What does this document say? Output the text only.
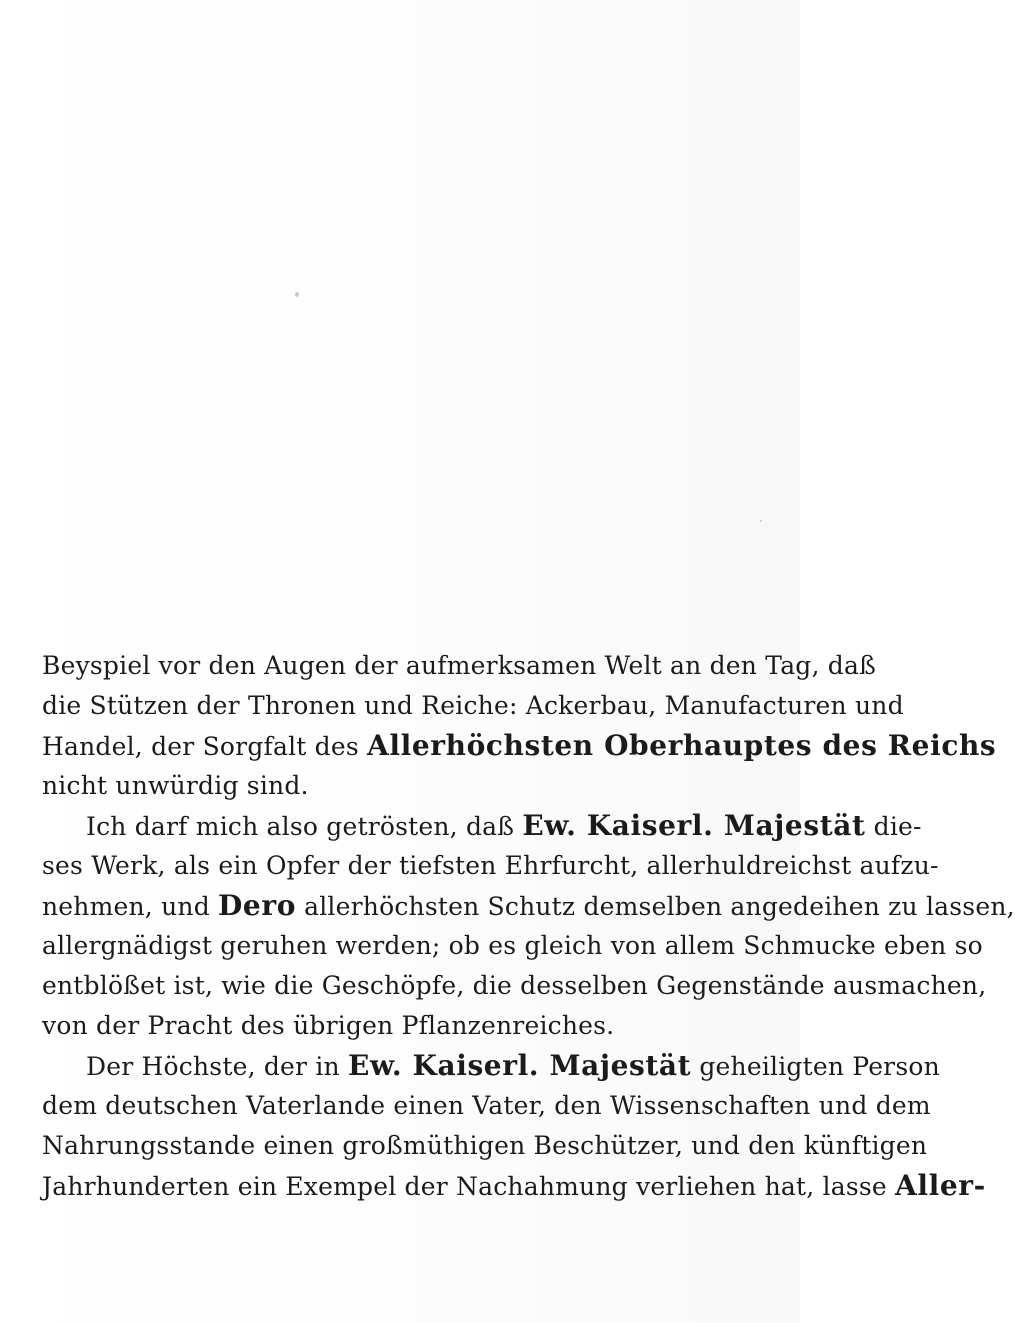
Beyspiel vor den Augen der aufmerksamen Welt an den Tag, daß
die Stützen der Thronen und Reiche: Ackerbau, Manufacturen und
Handel, der Sorgfalt des Allerhöchsten Oberhauptes des Reichs
nicht unwürdig sind.
Ich darf mich also getrösten, daß Ew. Kaiserl. Majestät die-
ses Werk, als ein Opfer der tiefsten Ehrfurcht, allerhuldreichst aufzu-
nehmen, und Dero allerhöchsten Schutz demselben angedeihen zu lassen,
allergnädigst geruhen werden; ob es gleich von allem Schmucke eben so
entblößet ist, wie die Geschöpfe, die desselben Gegenstände ausmachen,
von der Pracht des übrigen Pflanzenreiches.
Der Höchste, der in Ew. Kaiserl. Majestät geheiligten Person
dem deutschen Vaterlande einen Vater, den Wissenschaften und dem
Nahrungsstande einen großmüthigen Beschützer, und den künftigen
Jahrhunderten ein Exempel der Nachahmung verliehen hat, lasse Aller-
